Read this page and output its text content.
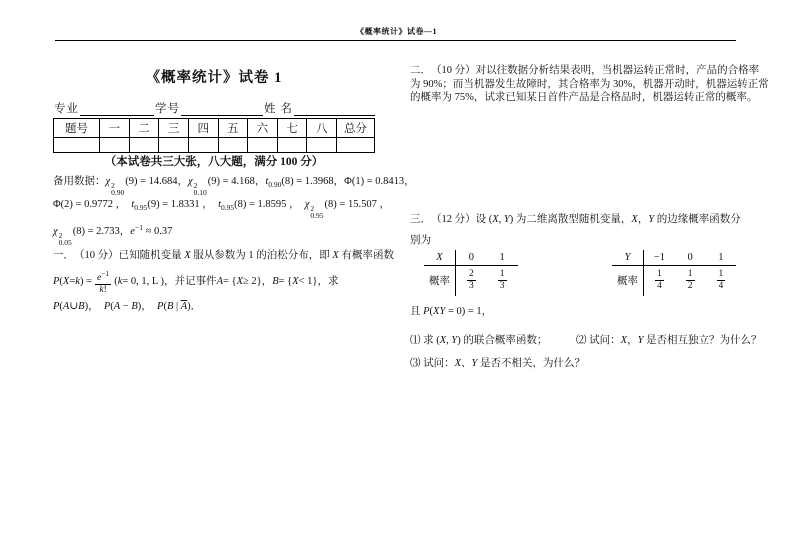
《概率统计》试卷—1
《概率统计》试卷 1
专业	学号	姓 名
题号	一	二	三	四	五	六	七	八	总分

（本试卷共三大张，八大题，满分 100 分）
备用数据：χ 2
0.90
(9) = 14.684，χ 2
0.10
(9) = 4.168，$t_{0.90}(8) = 1.3968$，Φ(1) = 0.8413，
Φ(2) = 0.9772 ，　$t_{0.95}(9) = 1.8331$ ，　$t_{0.95}(8) = 1.8595$ ，　χ 2
0.95
(8) = 15.507 ，
χ 2
0.05
(8) = 2.733，$e^{-1} \approx 0.37$
一．　（10 分）已知随机变量 X 服从参数为 1 的泊松分布，即 X 有概率函数
P ( X = k ) = $\frac{e^{-1}}{k!}$ ( k = 0, 1, L )，并记事件 A = { X ≥ 2}， B = { X < 1}，求
P(A∪B)，　P(A − B)，　P(B | $\overline{A}$)．
二．　（10 分）对以往数据分析结果表明，当机器运转正常时，产品的合格率
为 90%；而当机器发生故障时，其合格率为 30%，机器开动时，机器运转正常
的概率为 75%，试求已知某日首件产品是合格品时，机器运转正常的概率。
三．　（12 分）设 (X, Y) 为二维离散型随机变量，X，Y 的边缘概率函数分
别为
X	0	1
概率	$\frac{2}{3}$	$\frac{1}{3}$
Y	−1	0	1
概率	$\frac{1}{4}$	$\frac{1}{2}$	$\frac{1}{4}$
且 P(XY = 0) = 1，
⑴ 求 (X, Y) 的联合概率函数；	⑵ 试问：X，Y 是否相互独立？为什么？
⑶ 试问：X、Y 是否不相关，为什么？
